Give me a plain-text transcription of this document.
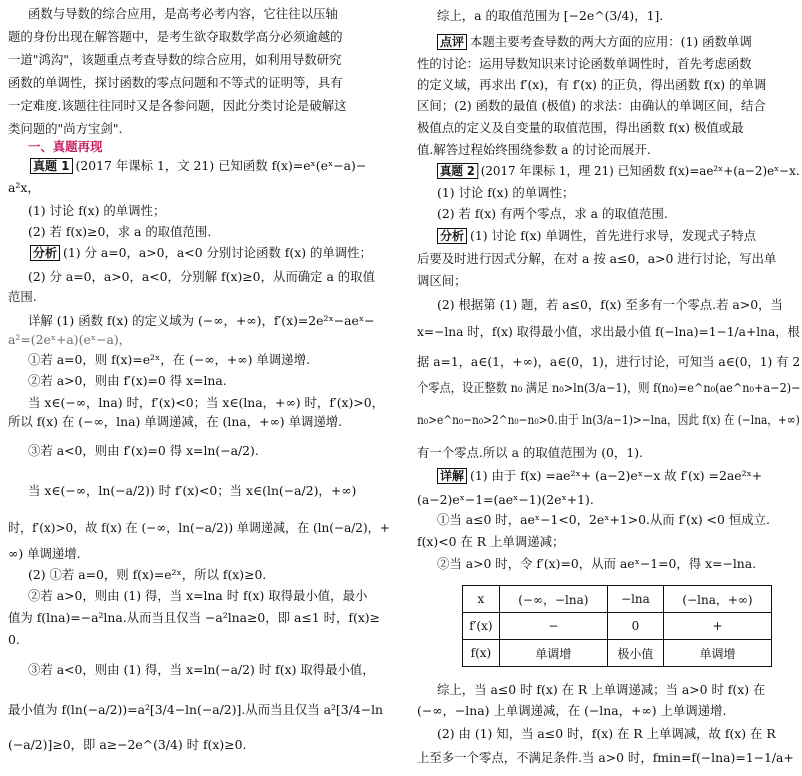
函数与导数的综合应用，是高考必考内容，它往往以压轴
题的身份出现在解答题中，是考生欲夺取数学高分必须逾越的
一道"鸿沟"，该题重点考查导数的综合应用，如利用导数研究
函数的单调性，探讨函数的零点问题和不等式的证明等，具有
一定难度.该题往往同时又是各参问题，因此分类讨论是破解这
类问题的"尚方宝剑".
一、真题再现
真题 1 (2017 年课标 1，文 21) 已知函数 f(x)=eˣ(eˣ−a)−
a²x，
(1) 讨论 f(x) 的单调性；
(2) 若 f(x)≥0，求 a 的取值范围.
分析 (1) 分 a=0，a>0，a<0 分别讨论函数 f(x) 的单调性；
(2) 分 a=0，a>0，a<0，分别解 f(x)≥0，从而确定 a 的取值
范围.
详解 (1) 函数 f(x) 的定义域为 (−∞，+∞)，f′(x)=2e²ˣ−aeˣ−
a²=(2eˣ+a)(eˣ−a)，
①若 a=0，则 f(x)=e²ˣ，在 (−∞，+∞) 单调递增.
②若 a>0，则由 f′(x)=0 得 x=lna.
当 x∈(−∞，lna) 时，f′(x)<0；当 x∈(lna，+∞) 时，f′(x)>0，
所以 f(x) 在 (−∞，lna) 单调递减，在 (lna，+∞) 单调递增.
③若 a<0，则由 f′(x)=0 得 x=ln(−a/2).
当 x∈(−∞，ln(−a/2)) 时 f′(x)<0；当 x∈(ln(−a/2)，+∞)
时，f′(x)>0，故 f(x) 在 (−∞，ln(−a/2)) 单调递减，在 (ln(−a/2)，+
∞) 单调递增.
(2) ①若 a=0，则 f(x)=e²ˣ，所以 f(x)≥0.
②若 a>0，则由 (1) 得，当 x=lna 时 f(x) 取得最小值，最小
值为 f(lna)=−a²lna.从而当且仅当 −a²lna≥0，即 a≤1 时，f(x)≥
0.
③若 a<0，则由 (1) 得，当 x=ln(−a/2) 时 f(x) 取得最小值，
最小值为 f(ln(−a/2))=a²[3/4−ln(−a/2)].从而当且仅当 a²[3/4−ln
(−a/2)]≥0，即 a≥−2e^(3/4) 时 f(x)≥0.
综上，a 的取值范围为 [−2e^(3/4)，1].
点评 本题主要考查导数的两大方面的应用：(1) 函数单调
性的讨论：运用导数知识来讨论函数单调性时，首先考虑函数
的定义域，再求出 f′(x)，有 f′(x) 的正负，得出函数 f(x) 的单调
区间；(2) 函数的最值 (极值) 的求法：由确认的单调区间，结合
极值点的定义及自变量的取值范围，得出函数 f(x) 极值或最
值.解答过程始终围绕参数 a 的讨论而展开.
真题 2 (2017 年课标 1，理 21) 已知函数 f(x)=ae²ˣ+(a−2)eˣ−x.
(1) 讨论 f(x) 的单调性；
(2) 若 f(x) 有两个零点，求 a 的取值范围.
分析 (1) 讨论 f(x) 单调性，首先进行求导，发现式子特点
后要及时进行因式分解，在对 a 按 a≤0，a>0 进行讨论，写出单
调区间；
(2) 根据第 (1) 题，若 a≤0，f(x) 至多有一个零点.若 a>0，当
x=−lna 时，f(x) 取得最小值，求出最小值 f(−lna)=1−1/a+lna，根
据 a=1，a∈(1，+∞)，a∈(0，1)，进行讨论，可知当 a∈(0，1) 有 2
个零点，设正整数 n₀ 满足 n₀>ln(3/a−1)，则 f(n₀)=e^n₀(ae^n₀+a−2)−
n₀>e^n₀−n₀>2^n₀−n₀>0.由于 ln(3/a−1)>−lna，因此 f(x) 在 (−lna，+∞)
有一个零点.所以 a 的取值范围为 (0，1).
详解 (1) 由于 f(x) =ae²ˣ+ (a−2)eˣ−x 故 f′(x) =2ae²ˣ+
(a−2)eˣ−1=(aeˣ−1)(2eˣ+1).
①当 a≤0 时，aeˣ−1<0，2eˣ+1>0.从而 f′(x) <0 恒成立.
f(x)<0 在 R 上单调递减；
②当 a>0 时，令 f′(x)=0，从而 aeˣ−1=0，得 x=−lna.
x	(−∞，−lna)	−lna	(−lna，+∞)
f′(x)	−	0	+
f(x)	单调增	极小值	单调增
综上，当 a≤0 时 f(x) 在 R 上单调递减；当 a>0 时 f(x) 在
(−∞，−lna) 上单调递减，在 (−lna，+∞) 上单调递增.
(2) 由 (1) 知，当 a≤0 时，f(x) 在 R 上单调减，故 f(x) 在 R
上至多一个零点，不满足条件.当 a>0 时，fmin=f(−lna)=1−1/a+
